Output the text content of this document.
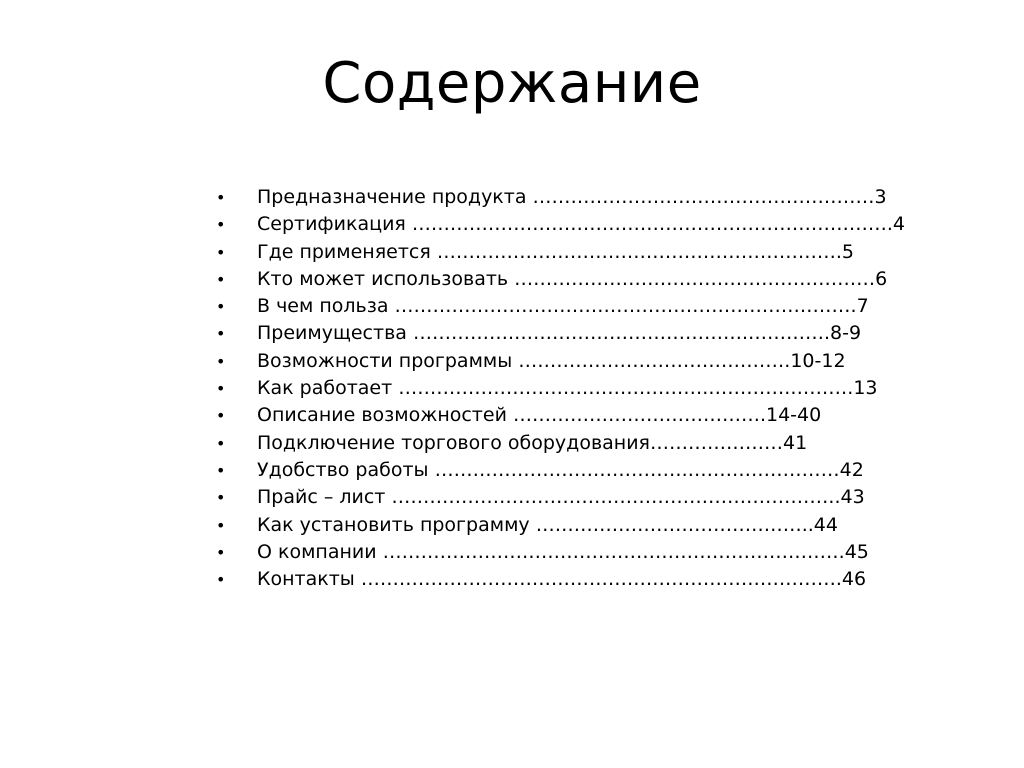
Содержание
•	Предназначение продукта ………………………………………………3
•	Сертификация ………………………………………………………………….4
•	Где применяется ……………………………………………………….5
•	Кто может использовать …………………………………………………6
•	В чем польза ……………………………………………………………….7
•	Преимущества …………….……………………………….………….8-9
•	Возможности программы …………………………………….10-12
•	Как работает ………………………………………….………….……….13
•	Описание возможностей ………………………………….14-40
•	Подключение торгового оборудования…………………41
•	Удобство работы ………………………………….……………………42
•	Прайс – лист ……………………………………………………………..43
•	Как установить программу ……………………………………..44
•	О компании ……………………………………………………………….45
•	Контакты ………………………………………………………………….46
